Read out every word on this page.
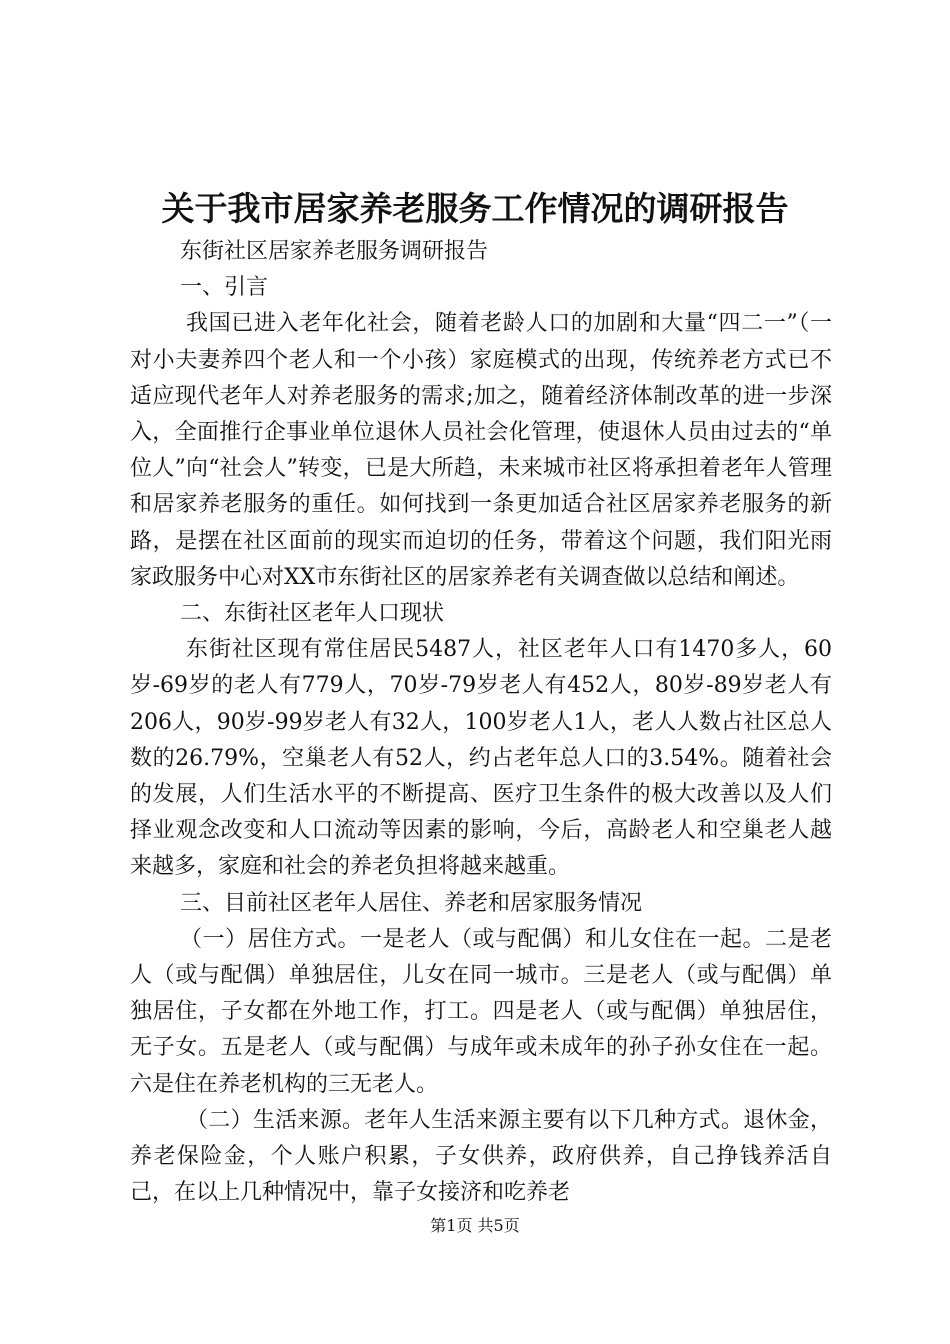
关于我市居家养老服务工作情况的调研报告

东街社区居家养老服务调研报告

一、引言

我国已进入老年化社会，随着老龄人口的加剧和大量“四二一”（一对小夫妻养四个老人和一个小孩）家庭模式的出现，传统养老方式已不适应现代老年人对养老服务的需求;加之，随着经济体制改革的进一步深入，全面推行企事业单位退休人员社会化管理，使退休人员由过去的“单位人”向“社会人”转变，已是大所趋，未来城市社区将承担着老年人管理和居家养老服务的重任。如何找到一条更加适合社区居家养老服务的新路，是摆在社区面前的现实而迫切的任务，带着这个问题，我们阳光雨家政服务中心对XX市东街社区的居家养老有关调查做以总结和阐述。

二、东街社区老年人口现状

东街社区现有常住居民5487人，社区老年人口有1470多人，60岁-69岁的老人有779人，70岁-79岁老人有452人，80岁-89岁老人有206人，90岁-99岁老人有32人，100岁老人1人，老人人数占社区总人数的26.79%，空巢老人有52人，约占老年总人口的3.54%。随着社会的发展，人们生活水平的不断提高、医疗卫生条件的极大改善以及人们择业观念改变和人口流动等因素的影响，今后，高龄老人和空巢老人越来越多，家庭和社会的养老负担将越来越重。

三、目前社区老年人居住、养老和居家服务情况

（一）居住方式。一是老人（或与配偶）和儿女住在一起。二是老人（或与配偶）单独居住，儿女在同一城市。三是老人（或与配偶）单独居住，子女都在外地工作，打工。四是老人（或与配偶）单独居住，无子女。五是老人（或与配偶）与成年或未成年的孙子孙女住在一起。六是住在养老机构的三无老人。

（二）生活来源。老年人生活来源主要有以下几种方式。退休金，养老保险金，个人账户积累，子女供养，政府供养，自己挣钱养活自己，在以上几种情况中，靠子女接济和吃养老

第1页 共5页
